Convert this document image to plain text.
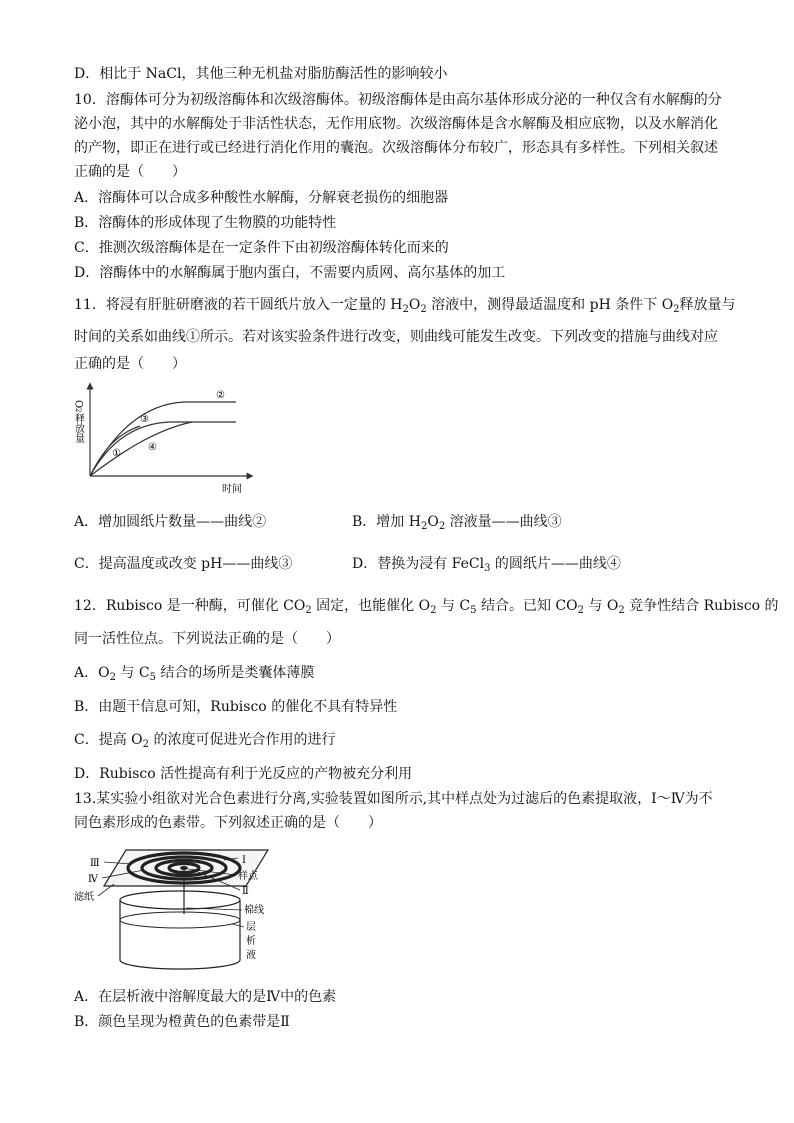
D．相比于 NaCl，其他三种无机盐对脂肪酶活性的影响较小
10．溶酶体可分为初级溶酶体和次级溶酶体。初级溶酶体是由高尔基体形成分泌的一种仅含有水解酶的分
泌小泡，其中的水解酶处于非活性状态，无作用底物。次级溶酶体是含水解酶及相应底物，以及水解消化
的产物，即正在进行或已经进行消化作用的囊泡。次级溶酶体分布较广，形态具有多样性。下列相关叙述
正确的是（　　）
A．溶酶体可以合成多种酸性水解酶，分解衰老损伤的细胞器
B．溶酶体的形成体现了生物膜的功能特性
C．推测次级溶酶体是在一定条件下由初级溶酶体转化而来的
D．溶酶体中的水解酶属于胞内蛋白，不需要内质网、高尔基体的加工
11．将浸有肝脏研磨液的若干圆纸片放入一定量的 $H_2O_2$ 溶液中，测得最适温度和 pH 条件下 $O_2$释放量与
时间的关系如曲线①所示。若对该实验条件进行改变，则曲线可能发生改变。下列改变的措施与曲线对应
正确的是（　　）
O 2 释放量
时间
②
③
④
①
A．增加圆纸片数量——曲线②	B．增加 $H_2O_2$ 溶液量——曲线③
C．提高温度或改变 pH——曲线③	D．替换为浸有 FeCl$_3$ 的圆纸片——曲线④
12．Rubisco 是一种酶，可催化 $CO_2$ 固定，也能催化 $O_2$ 与 $C_5$ 结合。已知 $CO_2$ 与 $O_2$ 竞争性结合 Rubisco 的
同一活性位点。下列说法正确的是（　　）
A．$O_2$ 与 $C_5$ 结合的场所是类囊体薄膜
B．由题干信息可知，Rubisco 的催化不具有特异性
C．提高 $O_2$ 的浓度可促进光合作用的进行
D．Rubisco 活性提高有利于光反应的产物被充分利用
13.某实验小组欲对光合色素进行分离,实验装置如图所示,其中样点处为过滤后的色素提取液，Ⅰ～Ⅳ为不
同色素形成的色素带。下列叙述正确的是（　　）
Ⅲ
Ⅳ
滤纸
Ⅰ
样点
Ⅱ
棉线
层
析
液
A．在层析液中溶解度最大的是Ⅳ中的色素
B．颜色呈现为橙黄色的色素带是Ⅱ
